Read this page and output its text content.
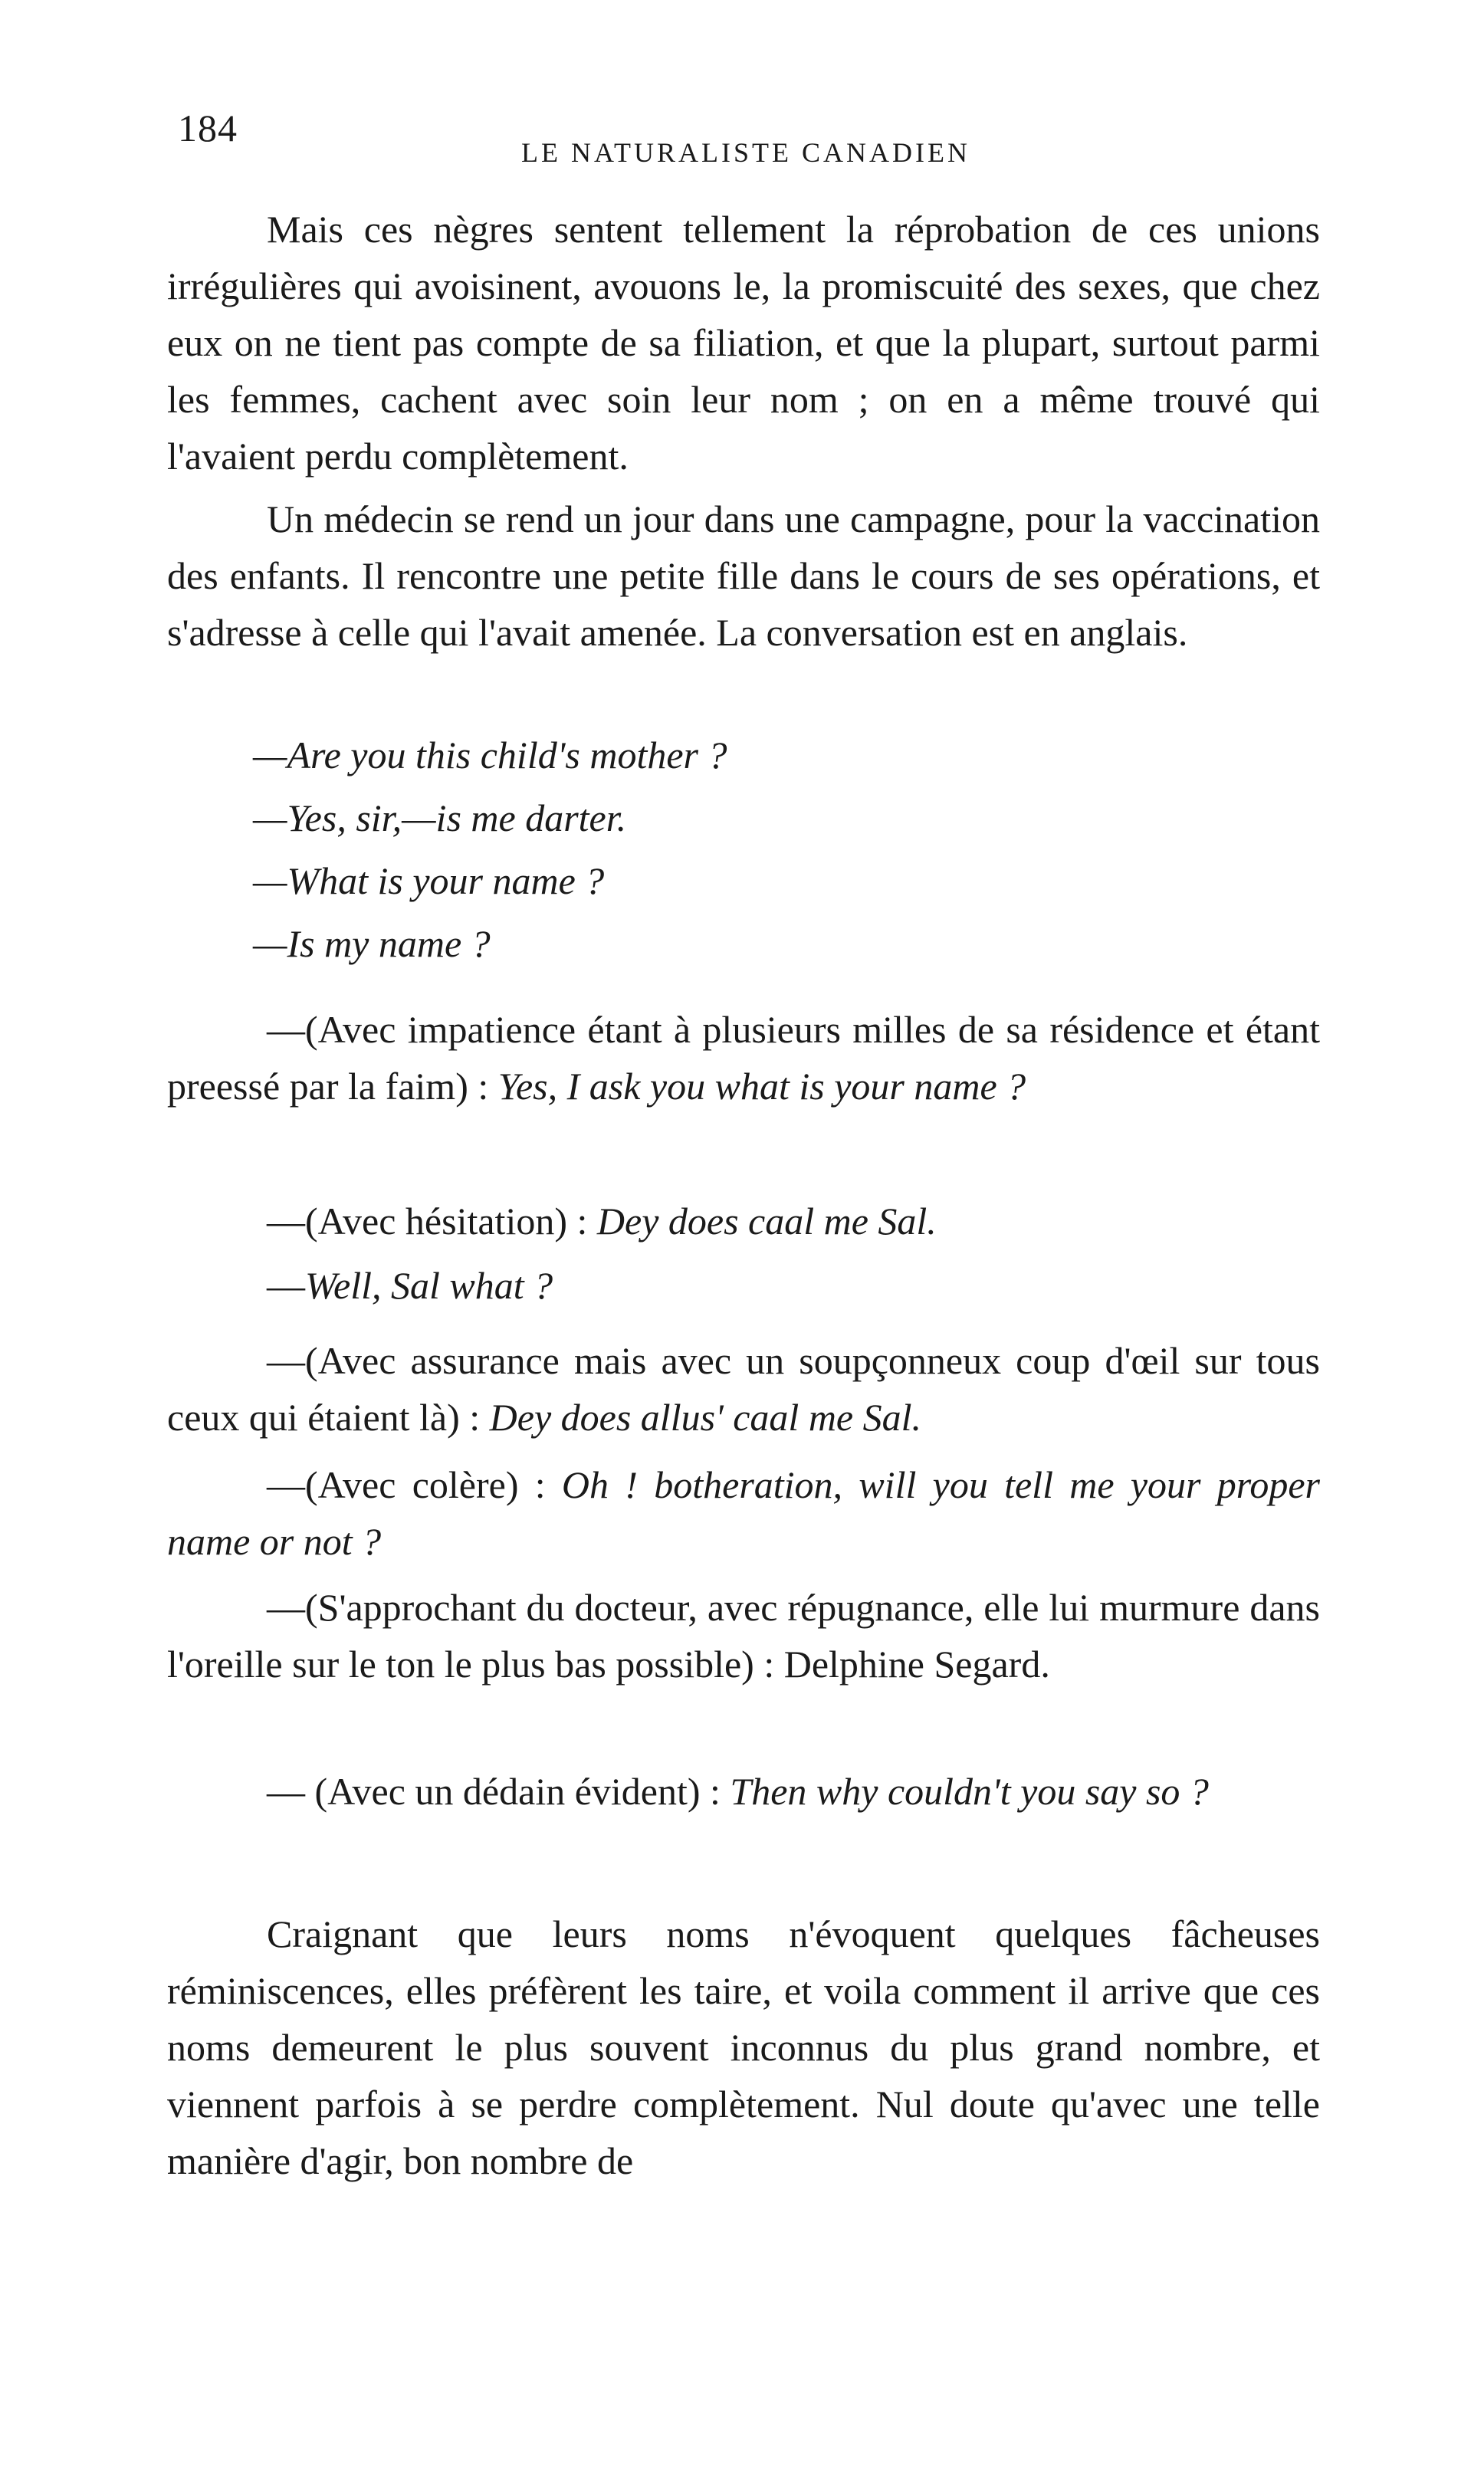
184
LE NATURALISTE CANADIEN

Mais ces nègres sentent tellement la réprobation de ces unions irrégulières qui avoisinent, avouons le, la promiscuité des sexes, que chez eux on ne tient pas compte de sa filiation, et que la plupart, surtout parmi les femmes, cachent avec soin leur nom ; on en a même trouvé qui l'avaient perdu complètement.

Un médecin se rend un jour dans une campagne, pour la vaccination des enfants. Il rencontre une petite fille dans le cours de ses opérations, et s'adresse à celle qui l'avait amenée. La conversation est en anglais.

—Are you this child's mother ?
—Yes, sir,—is me darter.
—What is your name ?
—Is my name ?

—(Avec impatience étant à plusieurs milles de sa résidence et étant preessé par la faim) : Yes, I ask you what is your name ?

—(Avec hésitation) : Dey does caal me Sal.

—Well, Sal what ?

—(Avec assurance mais avec un soupçonneux coup d'œil sur tous ceux qui étaient là) : Dey does allus' caal me Sal.

—(Avec colère) : Oh ! botheration, will you tell me your proper name or not ?

—(S'approchant du docteur, avec répugnance, elle lui murmure dans l'oreille sur le ton le plus bas possible) : Delphine Segard.

— (Avec un dédain évident) : Then why couldn't you say so ?

Craignant que leurs noms n'évoquent quelques fâcheuses réminiscences, elles préfèrent les taire, et voila comment il arrive que ces noms demeurent le plus souvent inconnus du plus grand nombre, et viennent parfois à se perdre complètement. Nul doute qu'avec une telle manière d'agir, bon nombre de
